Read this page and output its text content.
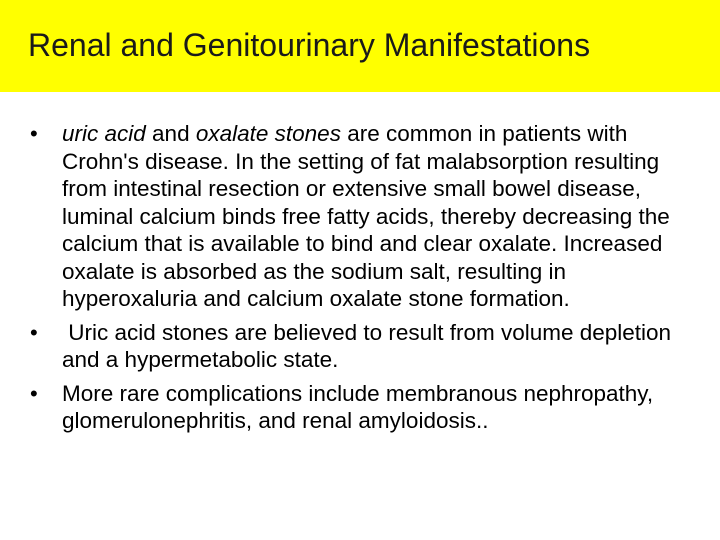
Renal and Genitourinary Manifestations
• uric acid and oxalate stones are common in patients with Crohn's disease. In the setting of fat malabsorption resulting from intestinal resection or extensive small bowel disease, luminal calcium binds free fatty acids, thereby decreasing the calcium that is available to bind and clear oxalate. Increased oxalate is absorbed as the sodium salt, resulting in hyperoxaluria and calcium oxalate stone formation.
•  Uric acid stones are believed to result from volume depletion and a hypermetabolic state.
• More rare complications include membranous nephropathy, glomerulonephritis, and renal amyloidosis..
